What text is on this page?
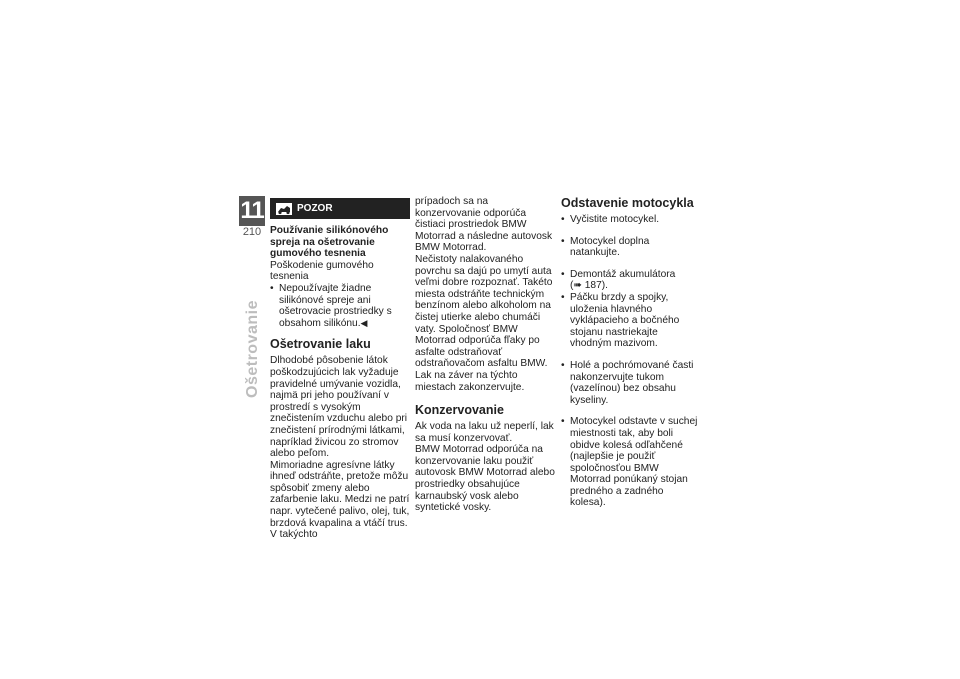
11
210
Ošetrovanie
POZOR
Používanie silikónového spreja na ošetrovanie gumového tesnenia

Poškodenie gumového tesnenia

• Nepoužívajte žiadne silikónové spreje ani ošetrovacie prostriedky s obsahom silikónu.◀
Ošetrovanie laku

Dlhodobé pôsobenie látok poškodzujúcich lak vyžaduje pravidelné umývanie vozidla, najmä pri jeho používaní v prostredí s vysokým znečistením vzduchu alebo pri znečistení prírodnými látkami, napríklad živicou zo stromov alebo peľom.

Mimoriadne agresívne látky ihneď odstráňte, pretože môžu spôsobiť zmeny alebo zafarbenie laku. Medzi ne patrí napr. vytečené palivo, olej, tuk, brzdová kvapalina a vtáčí trus. V takýchto

prípadoch sa na konzervovanie odporúča čistiaci prostriedok BMW Motorrad a následne autovosk BMW Motorrad.

Nečistoty nalakovaného povrchu sa dajú po umytí auta veľmi dobre rozpoznať. Takéto miesta odstráňte technickým benzínom alebo alkoholom na čistej utierke alebo chumáči vaty. Spoločnosť BMW Motorrad odporúča fľaky po asfalte odstraňovať odstraňovačom asfaltu BMW. Lak na záver na týchto miestach zakonzervujte.

Konzervovanie

Ak voda na laku už neperlí, lak sa musí konzervovať.

BMW Motorrad odporúča na konzervovanie laku použiť autovosk BMW Motorrad alebo prostriedky obsahujúce karnaubský vosk alebo syntetické vosky.

Odstavenie motocykla
• Vyčistite motocykel.
• Motocykel doplna natankujte.
• Demontáž akumulátora
(➠ 187).
• Páčku brzdy a spojky, uloženia hlavného vyklápacieho a bočného stojanu nastriekajte vhodným mazivom.
• Holé a pochrómované časti nakonzervujte tukom (vazelínou) bez obsahu kyseliny.
• Motocykel odstavte v suchej miestnosti tak, aby boli obidve kolesá odľahčené (najlepšie je použiť spoločnosťou BMW Motorrad ponúkaný stojan predného a zadného kolesa).
